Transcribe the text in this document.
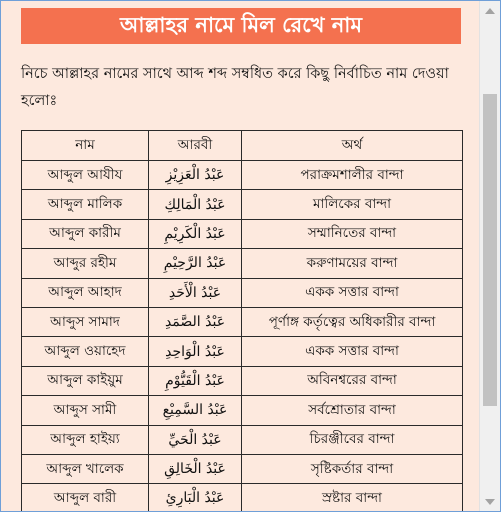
আল্লাহর নামে মিল রেখে নাম

নিচে আল্লাহর নামের সাথে আব্দ শব্দ সম্বধিত করে কিছু নির্বাচিত নাম দেওয়া হলোঃ

নাম	আরবী	অর্থ
আব্দুল আযীয	عَبْدُ الْعَزِيْزِ	পরাক্রমশালীর বান্দা
আব্দুল মালিক	عَبْدُ الْمَالِكِ	মালিকের বান্দা
আব্দুল কারীম	عَبْدُ الْكَرِيْمِ	সম্মানিতের বান্দা
আব্দুর রহীম	عَبْدُ الرَّحِيْمِ	করুণাময়ের বান্দা
আব্দুল আহাদ	عَبْدُ الْأَحَدِ	একক সত্তার বান্দা
আব্দুস সামাদ	عَبْدُ الصَّمَدِ	পূর্ণাঙ্গ কর্তৃত্বের অধিকারীর বান্দা
আব্দুল ওয়াহেদ	عَبْدُ الْوَاحِدِ	একক সত্তার বান্দা
আব্দুল কাইয়ুম	عَبْدُ الْقَيُّوْمِ	অবিনশ্বরের বান্দা
আব্দুস সামী	عَبْدُ السَّمِيْعِ	সর্বশ্রোতার বান্দা
আব্দুল হাইয়্য	عَبْدُ الْحَيِّ	চিরঞ্জীবের বান্দা
আব্দুল খালেক	عَبْدُ الْخَالِقِ	সৃষ্টিকর্তার বান্দা
আব্দুল বারী	عَبْدُ الْبَارِئِ	স্রষ্টার বান্দা
